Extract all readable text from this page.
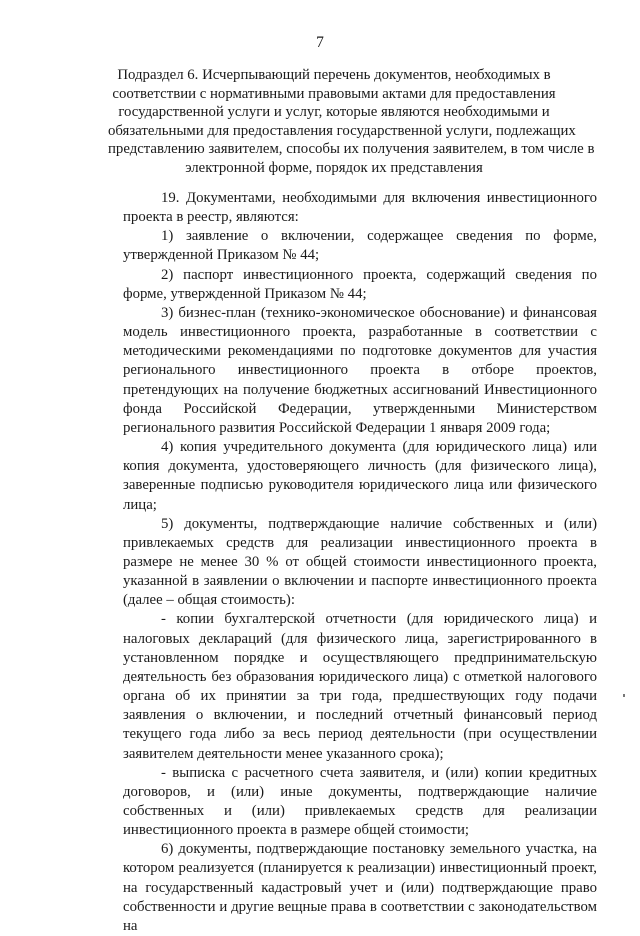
7
Подраздел 6. Исчерпывающий перечень документов, необходимых в
соответствии с нормативными правовыми актами для предоставления
государственной услуги и услуг, которые являются необходимыми и
обязательными для предоставления государственной услуги, подлежащих
представлению заявителем, способы их получения заявителем, в том числе в
электронной форме, порядок их представления

19. Документами, необходимыми для включения инвестиционного проекта в реестр, являются:

1) заявление о включении, содержащее сведения по форме, утвержденной Приказом № 44;

2) паспорт инвестиционного проекта, содержащий сведения по форме, утвержденной Приказом № 44;

3) бизнес-план (технико-экономическое обоснование) и финансовая модель инвестиционного проекта, разработанные в соответствии с методическими рекомендациями по подготовке документов для участия регионального инвестиционного проекта в отборе проектов, претендующих на получение бюджетных ассигнований Инвестиционного фонда Российской Федерации, утвержденными Министерством регионального развития Российской Федерации 1 января 2009 года;

4) копия учредительного документа (для юридического лица) или копия документа, удостоверяющего личность (для физического лица), заверенные подписью руководителя юридического лица или физического лица;

5) документы, подтверждающие наличие собственных и (или) привлекаемых средств для реализации инвестиционного проекта в размере не менее 30 % от общей стоимости инвестиционного проекта, указанной в заявлении о включении и паспорте инвестиционного проекта (далее – общая стоимость):

- копии бухгалтерской отчетности (для юридического лица) и налоговых деклараций (для физического лица, зарегистрированного в установленном порядке и осуществляющего предпринимательскую деятельность без образования юридического лица) с отметкой налогового органа об их принятии за три года, предшествующих году подачи заявления о включении, и последний отчетный финансовый период текущего года либо за весь период деятельности (при осуществлении заявителем деятельности менее указанного срока);

- выписка с расчетного счета заявителя, и (или) копии кредитных договоров, и (или) иные документы, подтверждающие наличие собственных и (или) привлекаемых средств для реализации инвестиционного проекта в размере общей стоимости;

6) документы, подтверждающие постановку земельного участка, на котором реализуется (планируется к реализации) инвестиционный проект, на государственный кадастровый учет и (или) подтверждающие право собственности и другие вещные права в соответствии с законодательством на
